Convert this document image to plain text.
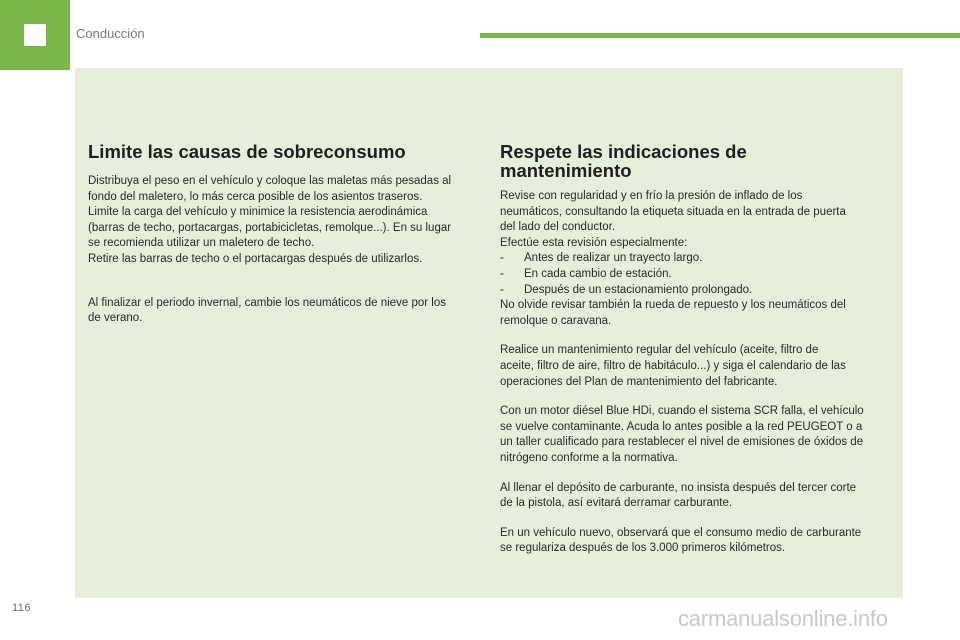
Conducción
Limite las causas de sobreconsumo

Distribuya el peso en el vehículo y coloque las maletas más pesadas al
fondo del maletero, lo más cerca posible de los asientos traseros.
Limite la carga del vehículo y minimice la resistencia aerodinámica
(barras de techo, portacargas, portabicicletas, remolque...). En su lugar
se recomienda utilizar un maletero de techo.
Retire las barras de techo o el portacargas después de utilizarlos.

Al finalizar el periodo invernal, cambie los neumáticos de nieve por los
de verano.

Respete las indicaciones de
mantenimiento

Revise con regularidad y en frío la presión de inflado de los
neumáticos, consultando la etiqueta situada en la entrada de puerta
del lado del conductor.
Efectúe esta revisión especialmente:
- Antes de realizar un trayecto largo.
- En cada cambio de estación.
- Después de un estacionamiento prolongado.
No olvide revisar también la rueda de repuesto y los neumáticos del
remolque o caravana.

Realice un mantenimiento regular del vehículo (aceite, filtro de
aceite, filtro de aire, filtro de habitáculo...) y siga el calendario de las
operaciones del Plan de mantenimiento del fabricante.

Con un motor diésel Blue HDi, cuando el sistema SCR falla, el vehículo
se vuelve contaminante. Acuda lo antes posible a la red PEUGEOT o a
un taller cualificado para restablecer el nivel de emisiones de óxidos de
nitrógeno conforme a la normativa.

Al llenar el depósito de carburante, no insista después del tercer corte
de la pistola, así evitará derramar carburante.

En un vehículo nuevo, observará que el consumo medio de carburante
se regulariza después de los 3.000 primeros kilómetros.

116	carmanualsonline.info
